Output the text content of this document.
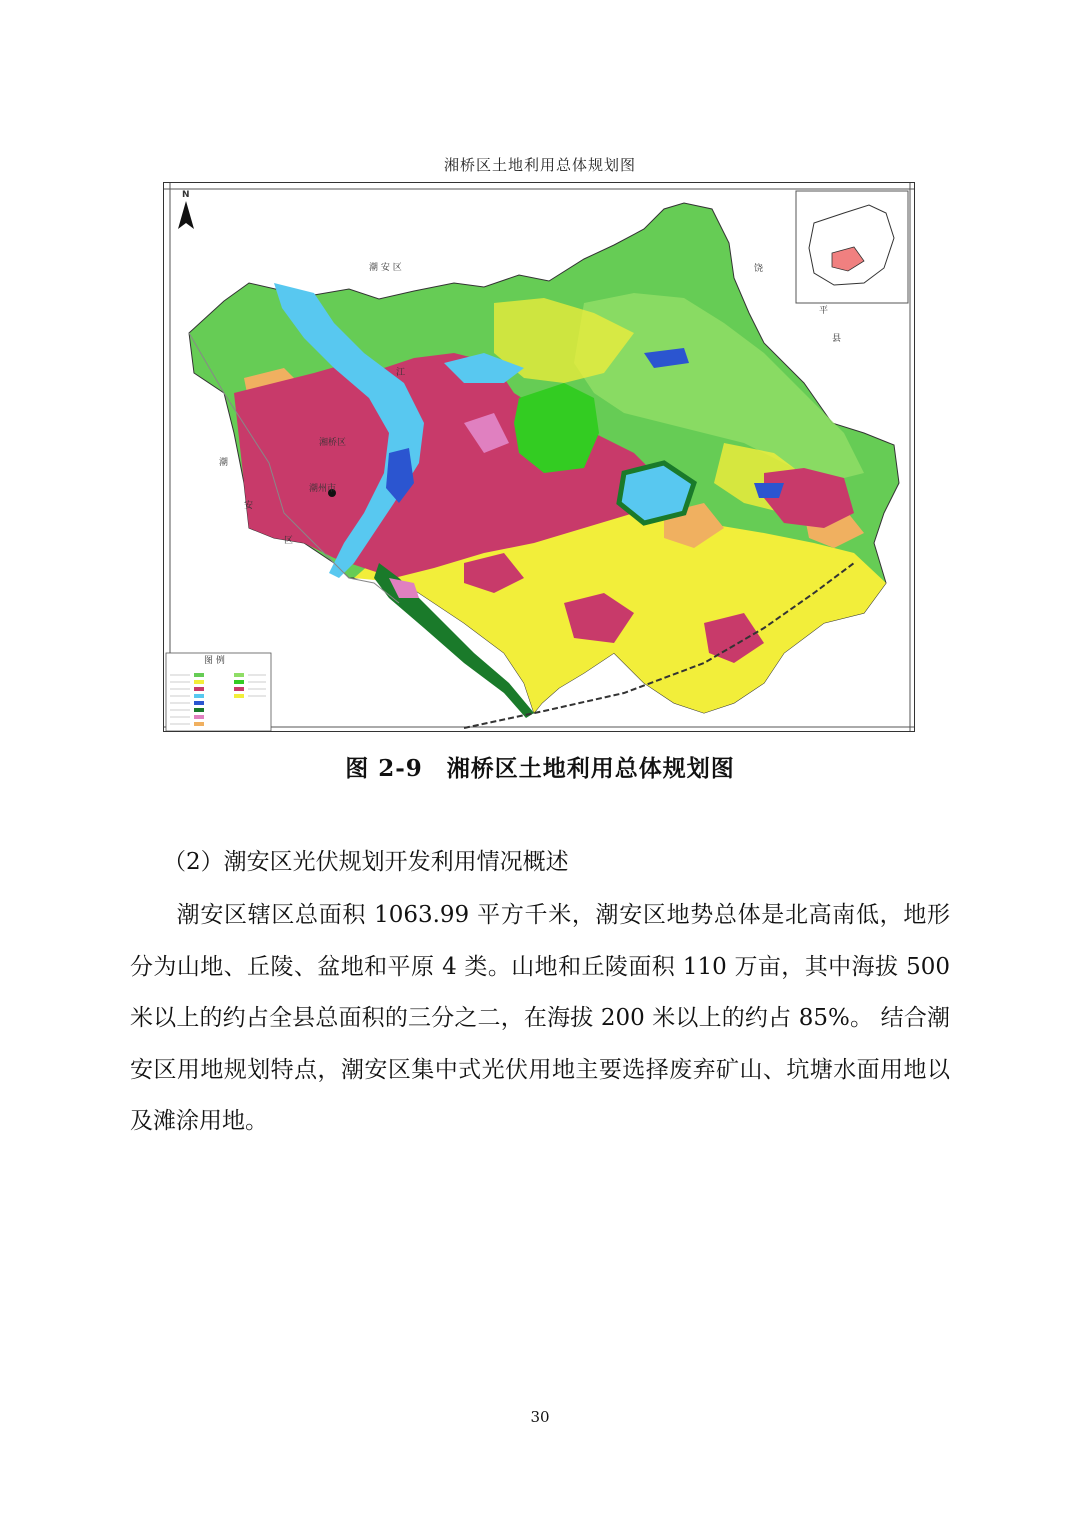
湘桥区土地利用总体规划图
N
图 例
潮 安 区	饶
平
县
潮
安
区
江
湘桥区
潮州市
图 2-9 湘桥区土地利用总体规划图
（2）潮安区光伏规划开发利用情况概述

潮安区辖区总面积 1063.99 平方千米，潮安区地势总体是北高南低，地形分为山地、丘陵、盆地和平原 4 类。山地和丘陵面积 110 万亩，其中海拔 500 米以上的约占全县总面积的三分之二，在海拔 200 米以上的约占 85%。 结合潮安区用地规划特点，潮安区集中式光伏用地主要选择废弃矿山、坑塘水面用地以及滩涂用地。

30
